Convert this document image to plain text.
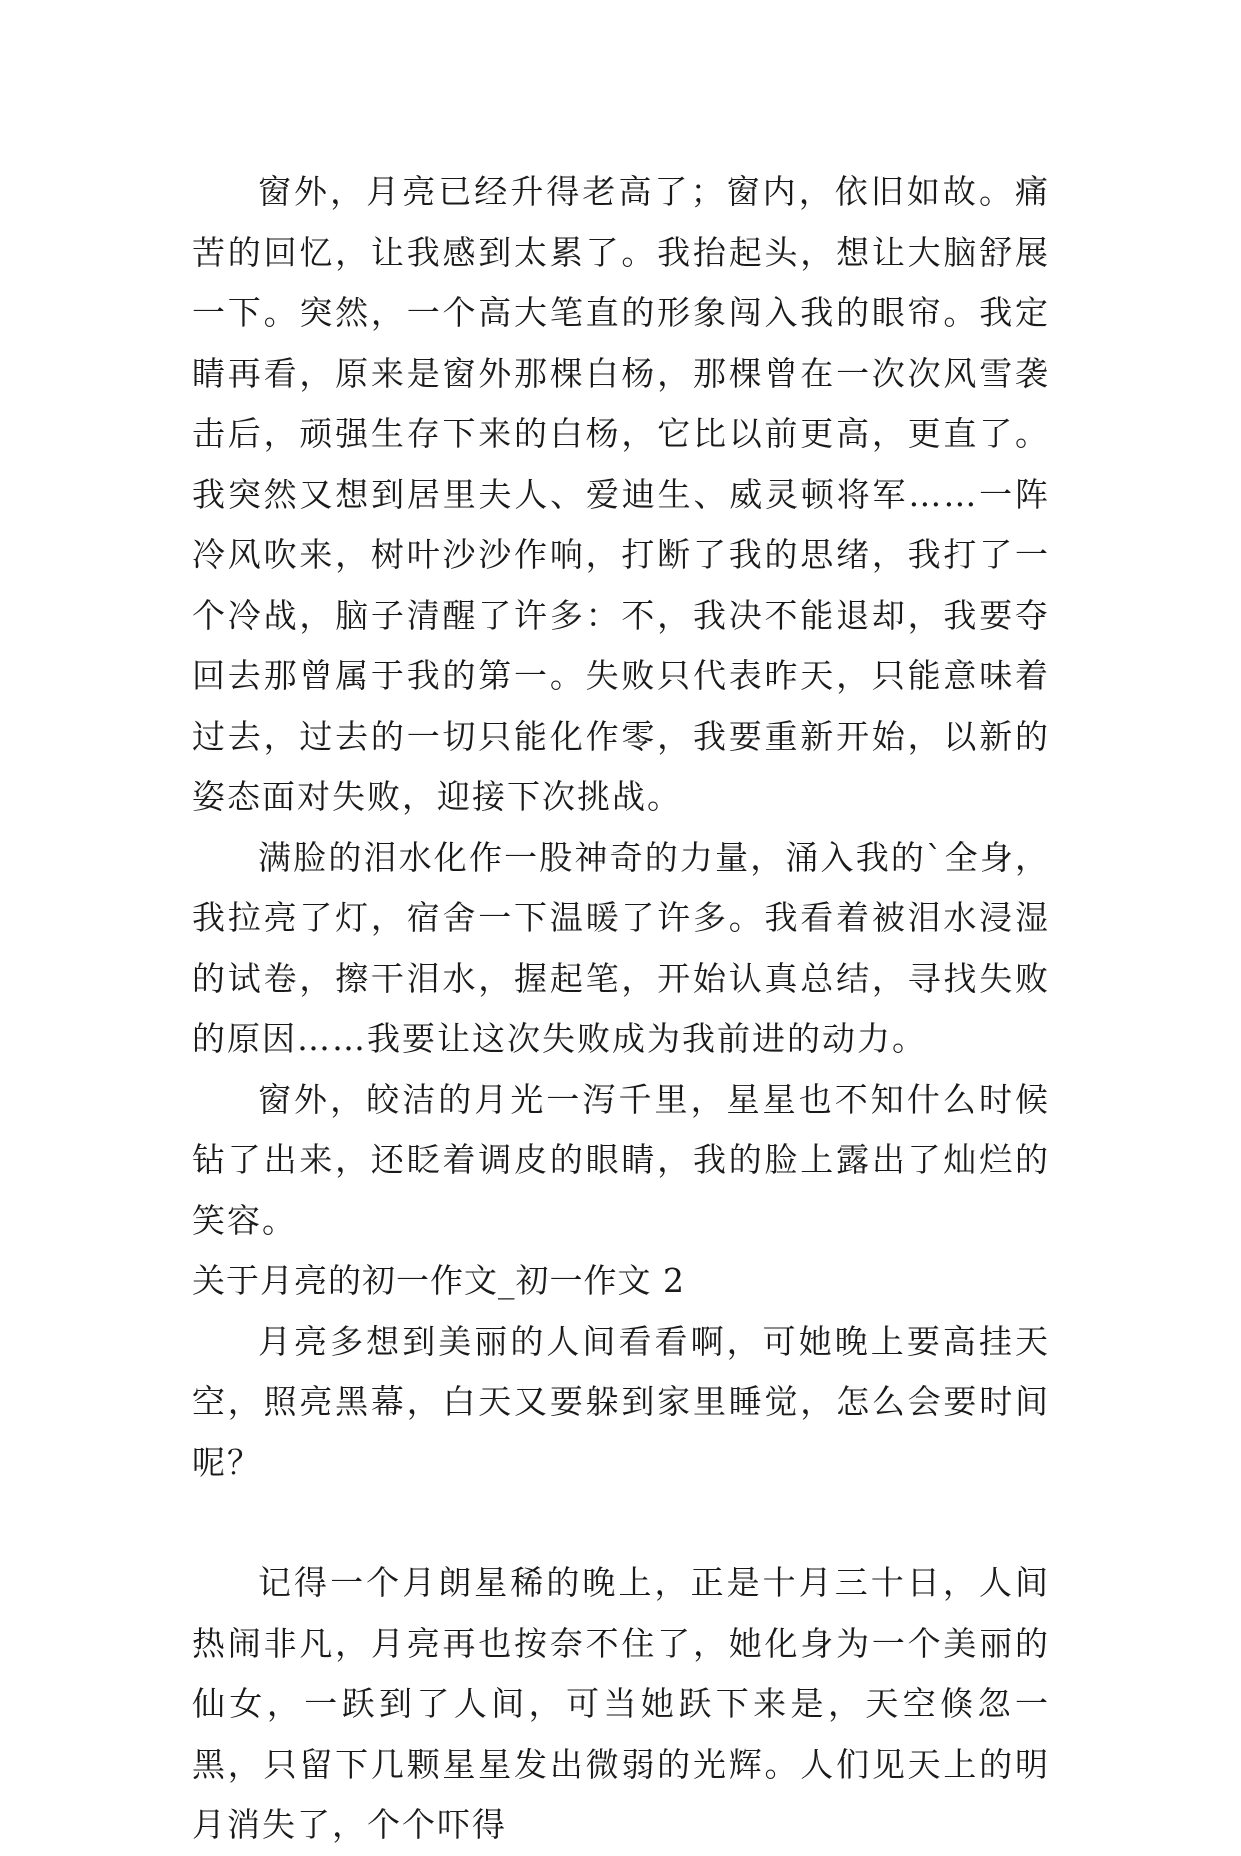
窗外，月亮已经升得老高了；窗内，依旧如故。痛苦的回忆，让我感到太累了。我抬起头，想让大脑舒展一下。突然，一个高大笔直的形象闯入我的眼帘。我定睛再看，原来是窗外那棵白杨，那棵曾在一次次风雪袭击后，顽强生存下来的白杨，它比以前更高，更直了。我突然又想到居里夫人、爱迪生、威灵顿将军……一阵冷风吹来，树叶沙沙作响，打断了我的思绪，我打了一个冷战，脑子清醒了许多：不，我决不能退却，我要夺回去那曾属于我的第一。失败只代表昨天，只能意味着过去，过去的一切只能化作零，我要重新开始，以新的姿态面对失败，迎接下次挑战。

满脸的泪水化作一股神奇的力量，涌入我的`全身，我拉亮了灯，宿舍一下温暖了许多。我看着被泪水浸湿的试卷，擦干泪水，握起笔，开始认真总结，寻找失败的原因……我要让这次失败成为我前进的动力。

窗外，皎洁的月光一泻千里，星星也不知什么时候钻了出来，还眨着调皮的眼睛，我的脸上露出了灿烂的笑容。

关于月亮的初一作文_初一作文 2

月亮多想到美丽的人间看看啊，可她晚上要高挂天空，照亮黑幕，白天又要躲到家里睡觉，怎么会要时间呢？

记得一个月朗星稀的晚上，正是十月三十日，人间热闹非凡，月亮再也按奈不住了，她化身为一个美丽的仙女，一跃到了人间，可当她跃下来是，天空倏忽一黑，只留下几颗星星发出微弱的光辉。人们见天上的明月消失了，个个吓得
